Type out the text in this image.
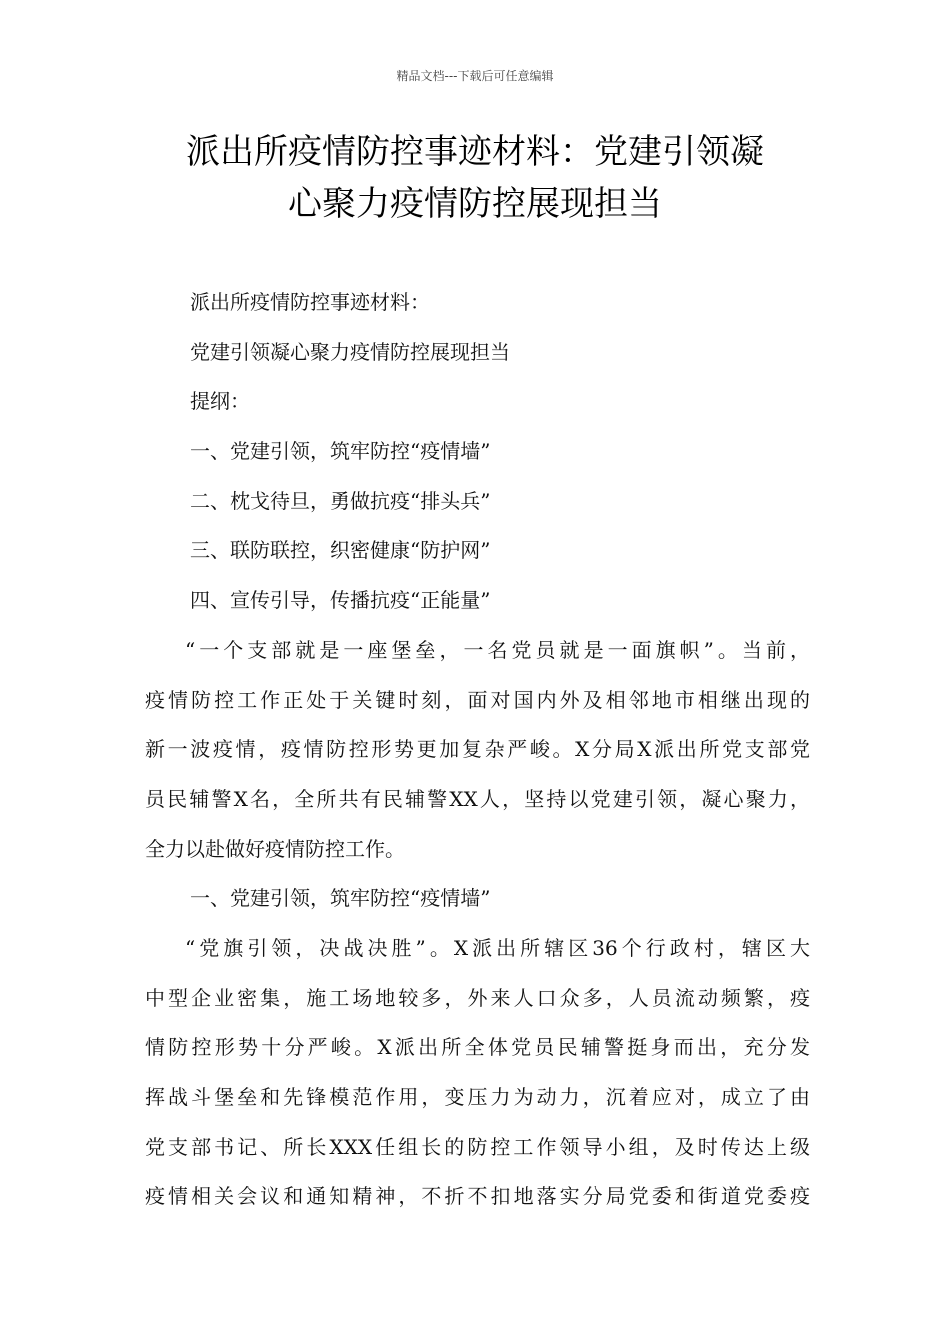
精品文档---下载后可任意编辑
派出所疫情防控事迹材料：党建引领凝
心聚力疫情防控展现担当
派出所疫情防控事迹材料：
党建引领凝心聚力疫情防控展现担当
提纲：
一、党建引领，筑牢防控“疫情墙”
二、枕戈待旦，勇做抗疫“排头兵”
三、联防联控，织密健康“防护网”
四、宣传引导，传播抗疫“正能量”
“一个支部就是一座堡垒，一名党员就是一面旗帜”。当前，
疫情防控工作正处于关键时刻，面对国内外及相邻地市相继出现的
新一波疫情，疫情防控形势更加复杂严峻。X分局X派出所党支部党
员民辅警X名，全所共有民辅警XX人，坚持以党建引领，凝心聚力，
全力以赴做好疫情防控工作。
一、党建引领，筑牢防控“疫情墙”
“党旗引领，决战决胜”。X派出所辖区36个行政村，辖区大
中型企业密集，施工场地较多，外来人口众多，人员流动频繁，疫
情防控形势十分严峻。X派出所全体党员民辅警挺身而出，充分发
挥战斗堡垒和先锋模范作用，变压力为动力，沉着应对，成立了由
党支部书记、所长XXX任组长的防控工作领导小组，及时传达上级
疫情相关会议和通知精神，不折不扣地落实分局党委和街道党委疫
